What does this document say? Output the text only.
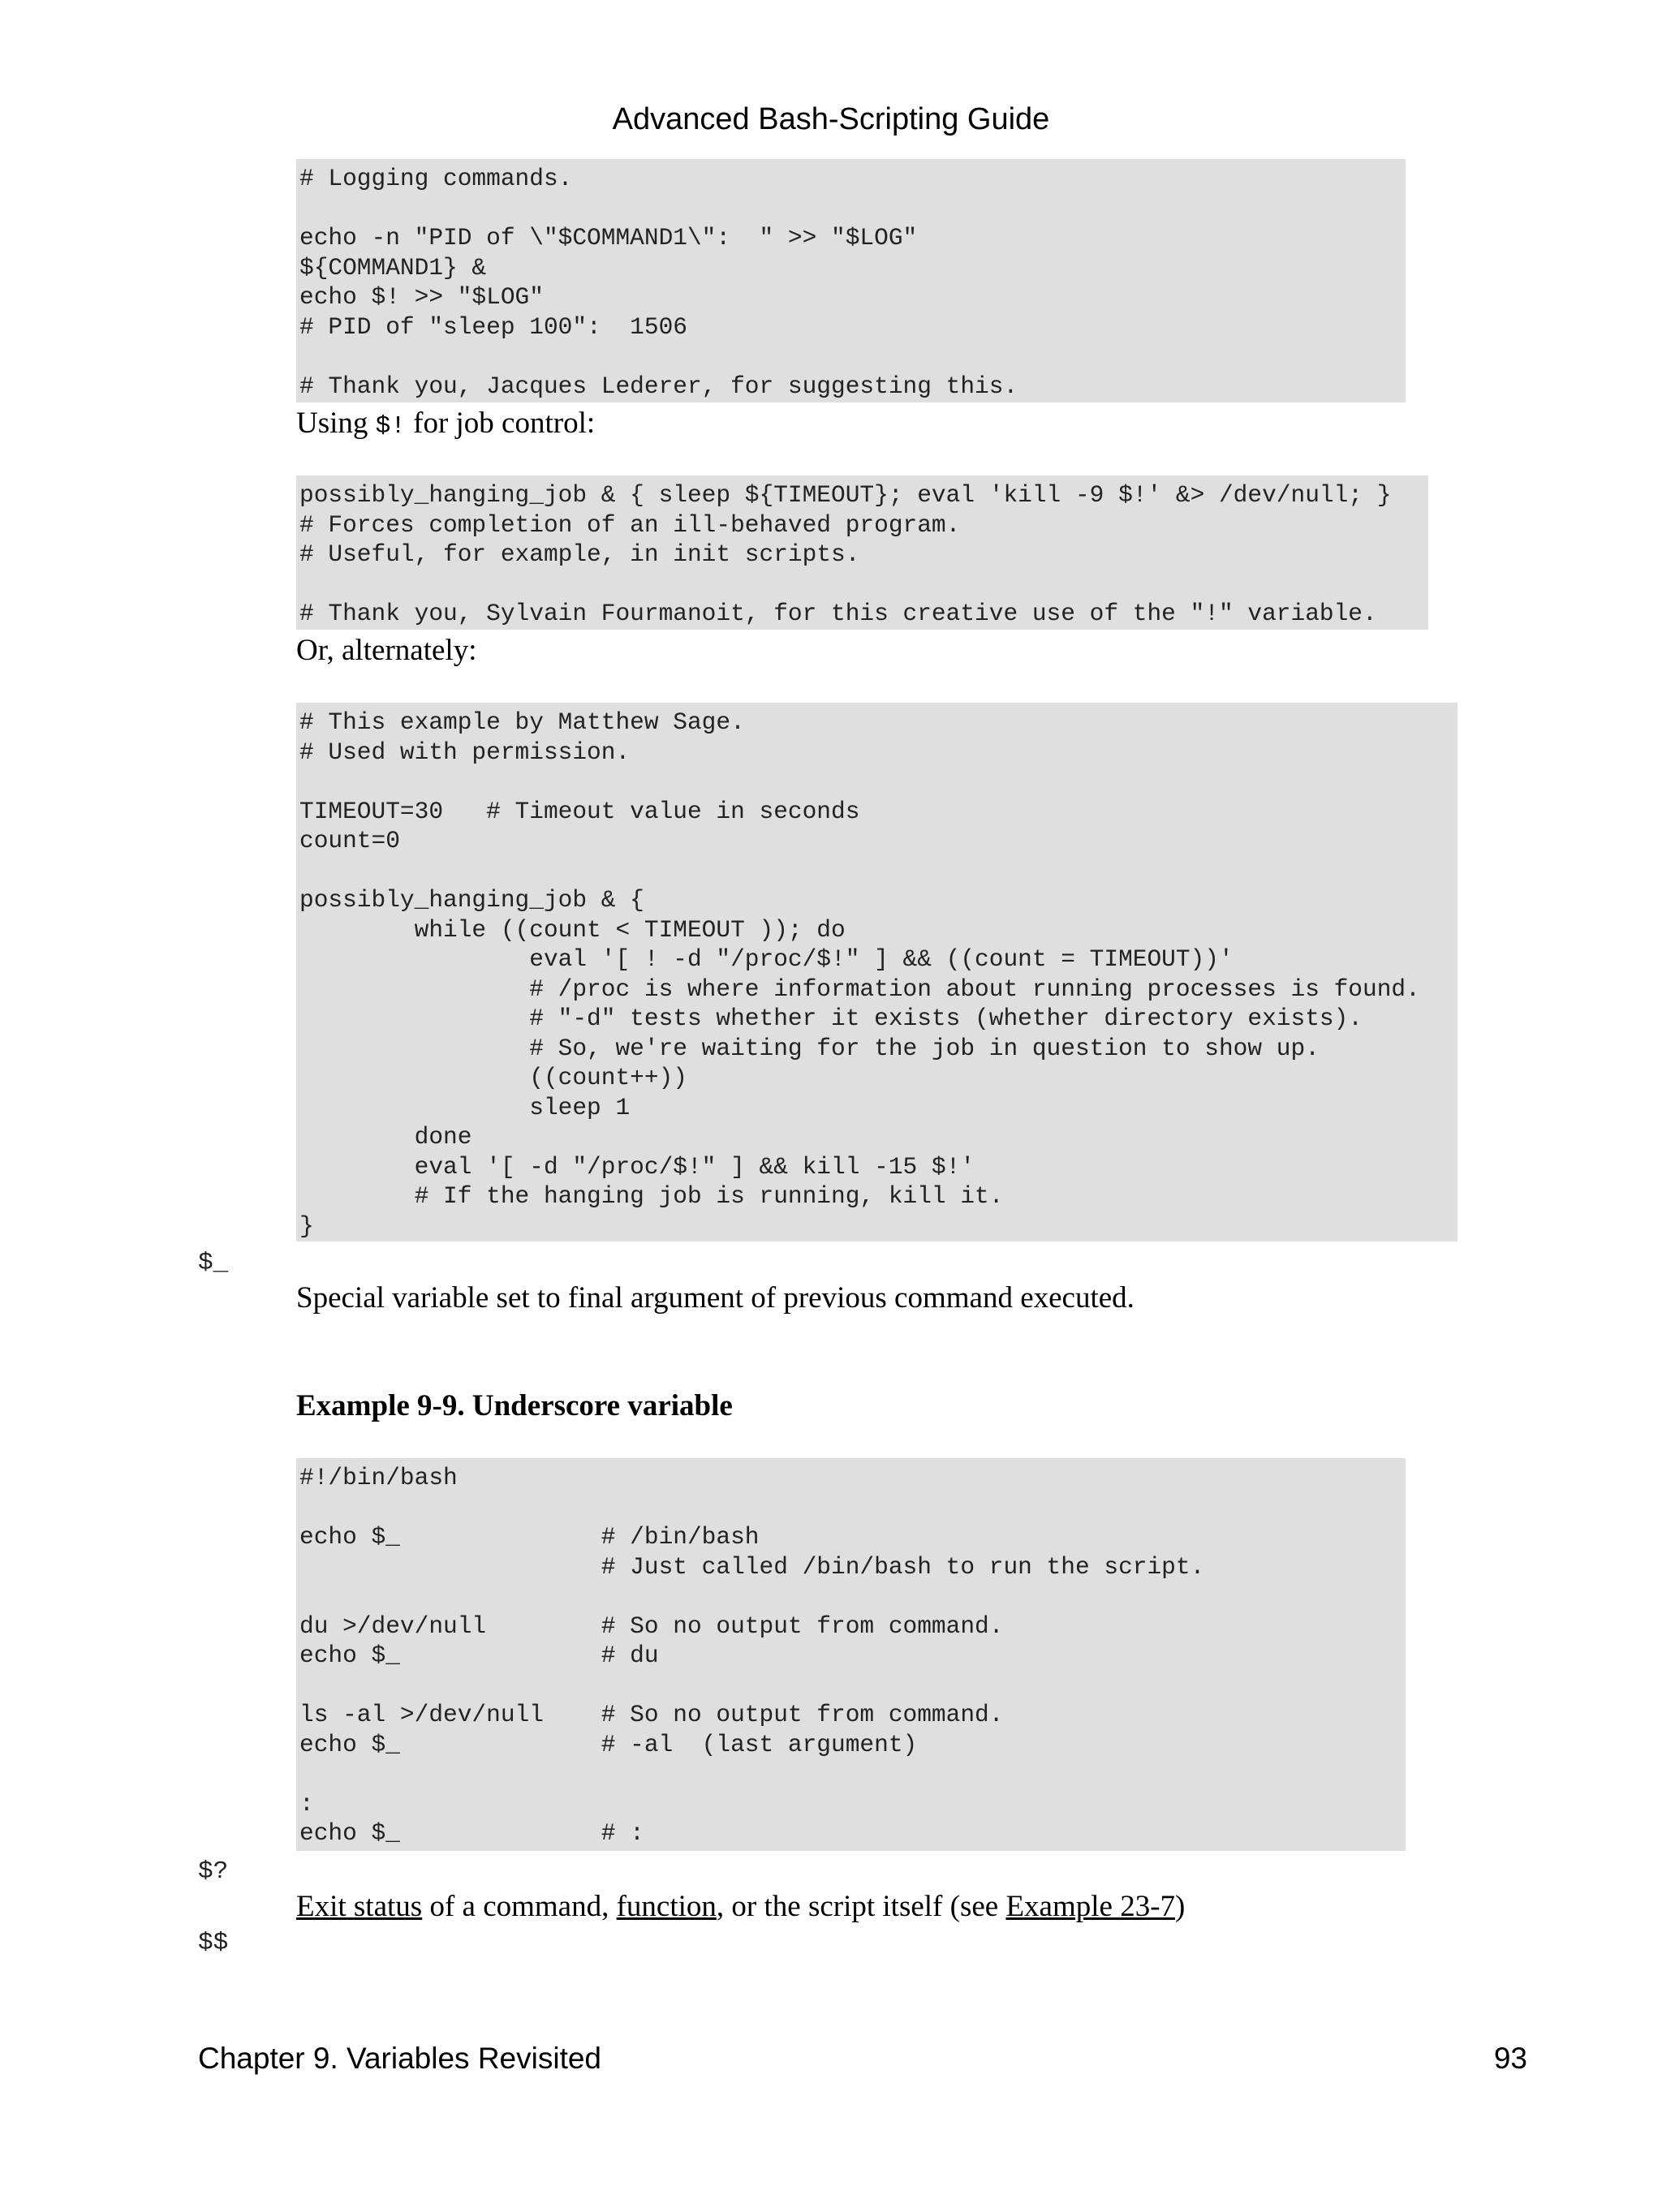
Advanced Bash-Scripting Guide
# Logging commands.

echo -n "PID of \"$COMMAND1\":  " >> "$LOG"
${COMMAND1} &
echo $! >> "$LOG"
# PID of "sleep 100":  1506

# Thank you, Jacques Lederer, for suggesting this.
Using $! for job control:
possibly_hanging_job & { sleep ${TIMEOUT}; eval 'kill -9 $!' &> /dev/null; }
# Forces completion of an ill-behaved program.
# Useful, for example, in init scripts.

# Thank you, Sylvain Fourmanoit, for this creative use of the "!" variable.
Or, alternately:
# This example by Matthew Sage.
# Used with permission.

TIMEOUT=30   # Timeout value in seconds
count=0

possibly_hanging_job & {
while ((count < TIMEOUT )); do
eval '[ ! -d "/proc/$!" ] && ((count = TIMEOUT))'
# /proc is where information about running processes is found.
# "-d" tests whether it exists (whether directory exists).
# So, we're waiting for the job in question to show up.
((count++))
sleep 1
done
eval '[ -d "/proc/$!" ] && kill -15 $!'
# If the hanging job is running, kill it.
}
$_
Special variable set to final argument of previous command executed.
Example 9-9. Underscore variable
#!/bin/bash

echo $_              # /bin/bash
# Just called /bin/bash to run the script.

du >/dev/null        # So no output from command.
echo $_              # du

ls -al >/dev/null    # So no output from command.
echo $_              # -al  (last argument)

:
echo $_              # :
$?
Exit status of a command, function, or the script itself (see Example 23-7)
$$
Chapter 9. Variables Revisited	93
